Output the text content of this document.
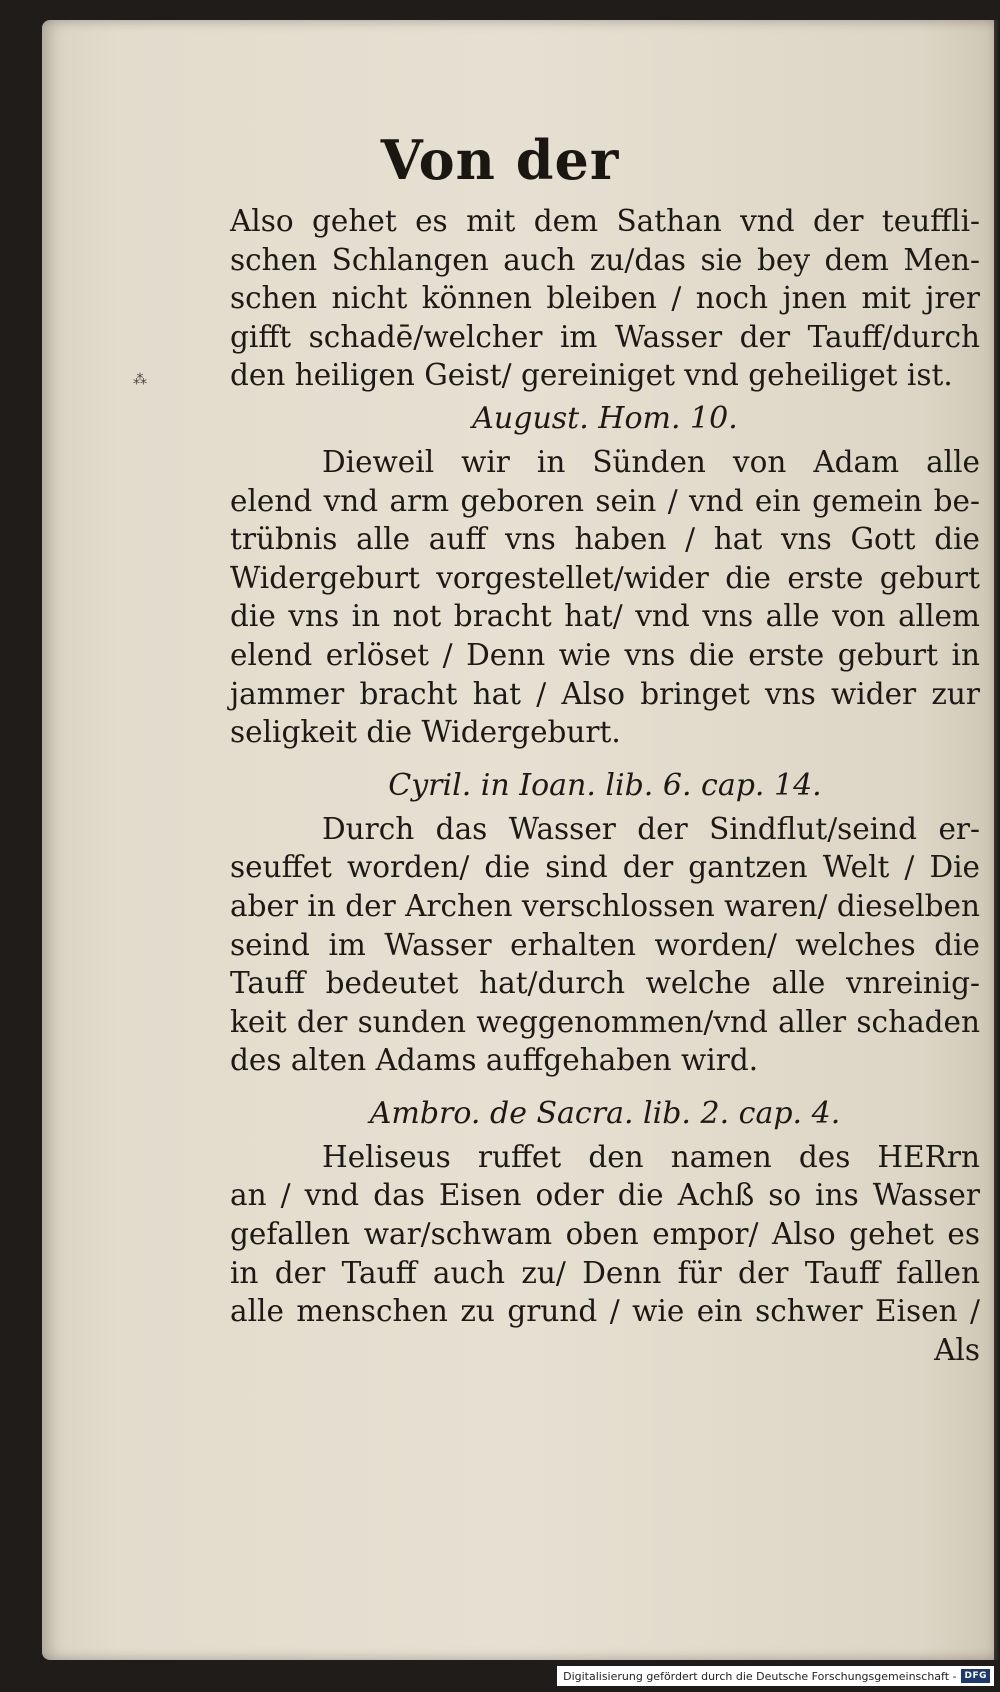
⁂
Von der
Also gehet es mit dem Sathan vnd der teuffli-
schen Schlangen auch zu/das sie bey dem Men-
schen nicht können bleiben / noch jnen mit jrer
gifft schadē/welcher im Wasser der Tauff/durch
den heiligen Geist/ gereiniget vnd geheiliget ist.
August. Hom. 10.
Dieweil wir in Sünden von Adam alle
elend vnd arm geboren sein / vnd ein gemein be-
trübnis alle auff vns haben / hat vns Gott die
Widergeburt vorgestellet/wider die erste geburt
die vns in not bracht hat/ vnd vns alle von allem
elend erlöset / Denn wie vns die erste geburt in
jammer bracht hat / Also bringet vns wider zur
seligkeit die Widergeburt.
Cyril. in Ioan. lib. 6. cap. 14.
Durch das Wasser der Sindflut/seind er-
seuffet worden/ die sind der gantzen Welt / Die
aber in der Archen verschlossen waren/ dieselben
seind im Wasser erhalten worden/ welches die
Tauff bedeutet hat/durch welche alle vnreinig-
keit der sunden weggenommen/vnd aller schaden
des alten Adams auffgehaben wird.
Ambro. de Sacra. lib. 2. cap. 4.
Heliseus ruffet den namen des HERrn
an / vnd das Eisen oder die Achß so ins Wasser
gefallen war/schwam oben empor/ Also gehet es
in der Tauff auch zu/ Denn für der Tauff fallen
alle menschen zu grund / wie ein schwer Eisen /
Als
Digitalisierung gefördert durch die Deutsche Forschungsgemeinschaft - DFG
